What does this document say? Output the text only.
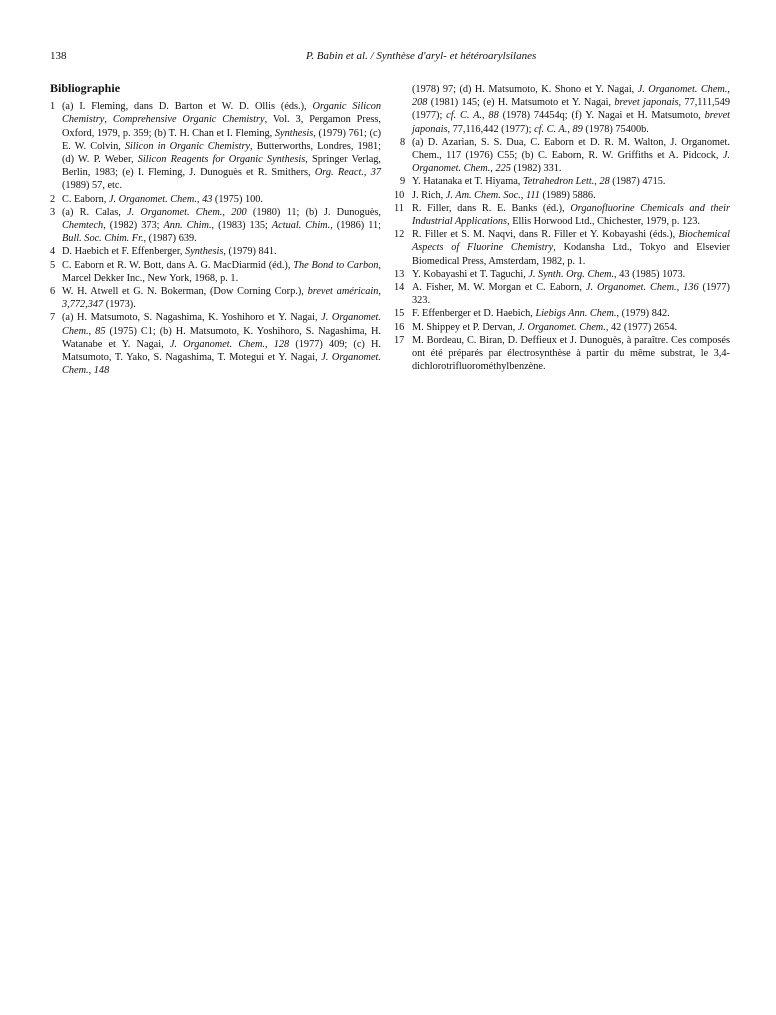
138	P. Babin et al. / Synthèse d'aryl- et hétéroarylsilanes
Bibliographie
1 (a) I. Fleming, dans D. Barton et W. D. Ollis (éds.), Organic Silicon Chemistry, Comprehensive Organic Chemistry, Vol. 3, Pergamon Press, Oxford, 1979, p. 359; (b) T. H. Chan et I. Fleming, Synthesis, (1979) 761; (c) E. W. Colvin, Silicon in Organic Chemistry, Butterworths, Londres, 1981; (d) W. P. Weber, Silicon Reagents for Organic Synthesis, Springer Verlag, Berlin, 1983; (e) I. Fleming, J. Dunoguès et R. Smithers, Org. React., 37 (1989) 57, etc.
2 C. Eaborn, J. Organomet. Chem., 43 (1975) 100.
3 (a) R. Calas, J. Organomet. Chem., 200 (1980) 11; (b) J. Dunoguès, Chemtech, (1982) 373; Ann. Chim., (1983) 135; Actual. Chim., (1986) 11; Bull. Soc. Chim. Fr., (1987) 639.
4 D. Haebich et F. Effenberger, Synthesis, (1979) 841.
5 C. Eaborn et R. W. Bott, dans A. G. MacDiarmid (éd.), The Bond to Carbon, Marcel Dekker Inc., New York, 1968, p. 1.
6 W. H. Atwell et G. N. Bokerman, (Dow Corning Corp.), brevet américain, 3,772,347 (1973).
7 (a) H. Matsumoto, S. Nagashima, K. Yoshihoro et Y. Nagai, J. Organomet. Chem., 85 (1975) C1; (b) H. Matsumoto, K. Yoshihoro, S. Nagashima, H. Watanabe et Y. Nagai, J. Organomet. Chem., 128 (1977) 409; (c) H. Matsumoto, T. Yako, S. Nagashima, T. Motegui et Y. Nagai, J. Organomet. Chem., 148
(1978) 97; (d) H. Matsumoto, K. Shono et Y. Nagai, J. Organomet. Chem., 208 (1981) 145; (e) H. Matsumoto et Y. Nagai, brevet japonais, 77,111,549 (1977); cf. C. A., 88 (1978) 74454q; (f) Y. Nagai et H. Matsumoto, brevet japonais, 77,116,442 (1977); cf. C. A., 89 (1978) 75400b.
8 (a) D. Azarian, S. S. Dua, C. Eaborn et D. R. M. Walton, J. Organomet. Chem., 117 (1976) C55; (b) C. Eaborn, R. W. Griffiths et A. Pidcock, J. Organomet. Chem., 225 (1982) 331.
9 Y. Hatanaka et T. Hiyama, Tetrahedron Lett., 28 (1987) 4715.
10 J. Rich, J. Am. Chem. Soc., 111 (1989) 5886.
11 R. Filler, dans R. E. Banks (éd.), Organofluorine Chemicals and their Industrial Applications, Ellis Horwood Ltd., Chichester, 1979, p. 123.
12 R. Filler et S. M. Naqvi, dans R. Filler et Y. Kobayashi (éds.), Biochemical Aspects of Fluorine Chemistry, Kodansha Ltd., Tokyo and Elsevier Biomedical Press, Amsterdam, 1982, p. 1.
13 Y. Kobayashi et T. Taguchi, J. Synth. Org. Chem., 43 (1985) 1073.
14 A. Fisher, M. W. Morgan et C. Eaborn, J. Organomet. Chem., 136 (1977) 323.
15 F. Effenberger et D. Haebich, Liebigs Ann. Chem., (1979) 842.
16 M. Shippey et P. Dervan, J. Organomet. Chem., 42 (1977) 2654.
17 M. Bordeau, C. Biran, D. Deffieux et J. Dunoguès, à paraître. Ces composés ont été préparés par électrosynthèse à partir du même substrat, le 3,4-dichlorotrifluorométhylbenzène.
